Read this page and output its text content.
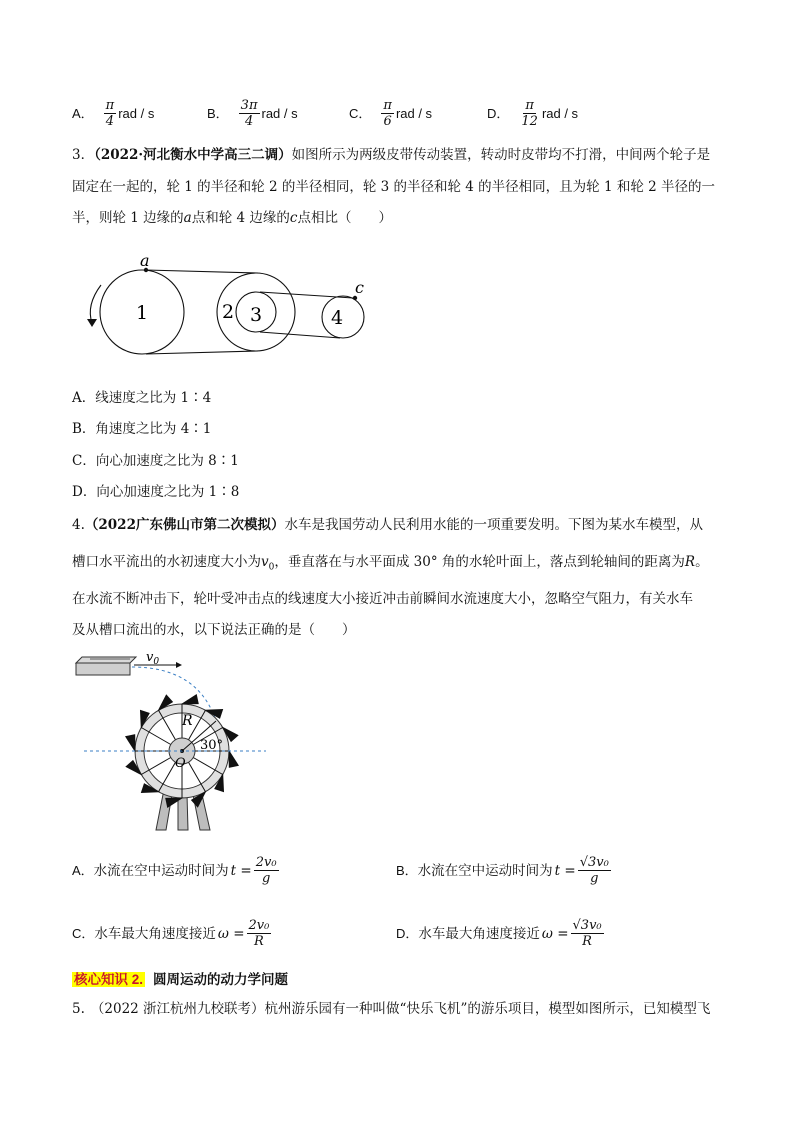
A． $\frac{\pi}{4}$ rad / s	B． $\frac{3\pi}{4}$ rad / s	C． $\frac{\pi}{6}$ rad / s	D． $\frac{\pi}{12}$ rad / s
3．（2022·河北衡水中学高三二调）如图所示为两级皮带传动装置，转动时皮带均不打滑，中间两个轮子是
固定在一起的，轮 1 的半径和轮 2 的半径相同，轮 3 的半径和轮 4 的半径相同，且为轮 1 和轮 2 半径的一
半，则轮 1 边缘的a点和轮 4 边缘的c点相比（　　）
a
c
1	2 3	4
A．线速度之比为 1∶4
B．角速度之比为 4∶1
C．向心加速度之比为 8∶1
D．向心加速度之比为 1∶8
4.（2022广东佛山市第二次模拟）水车是我国劳动人民利用水能的一项重要发明。下图为某水车模型，从
槽口水平流出的水初速度大小为$v_0$，垂直落在与水平面成 30° 角的水轮叶面上，落点到轮轴间的距离为R。
在水流不断冲击下，轮叶受冲击点的线速度大小接近冲击前瞬间水流速度大小，忽略空气阻力，有关水车
及从槽口流出的水，以下说法正确的是（　　）
$v_0$
R
30°
O
A． 水流在空中运动时间为 $t = \frac{\text{2v₀}}{g}$	B． 水流在空中运动时间为 $t = \frac{\text{√3v₀}}{g}$
C． 水车最大角速度接近 $\omega = \frac{\text{2v₀}}{R}$	D． 水车最大角速度接近 $\omega = \frac{\text{√3v₀}}{R}$
核心知识 2. 圆周运动的动力学问题
5. （2022 浙江杭州九校联考）杭州游乐园有一种叫做“快乐飞机”的游乐项目，模型如图所示，已知模型飞
